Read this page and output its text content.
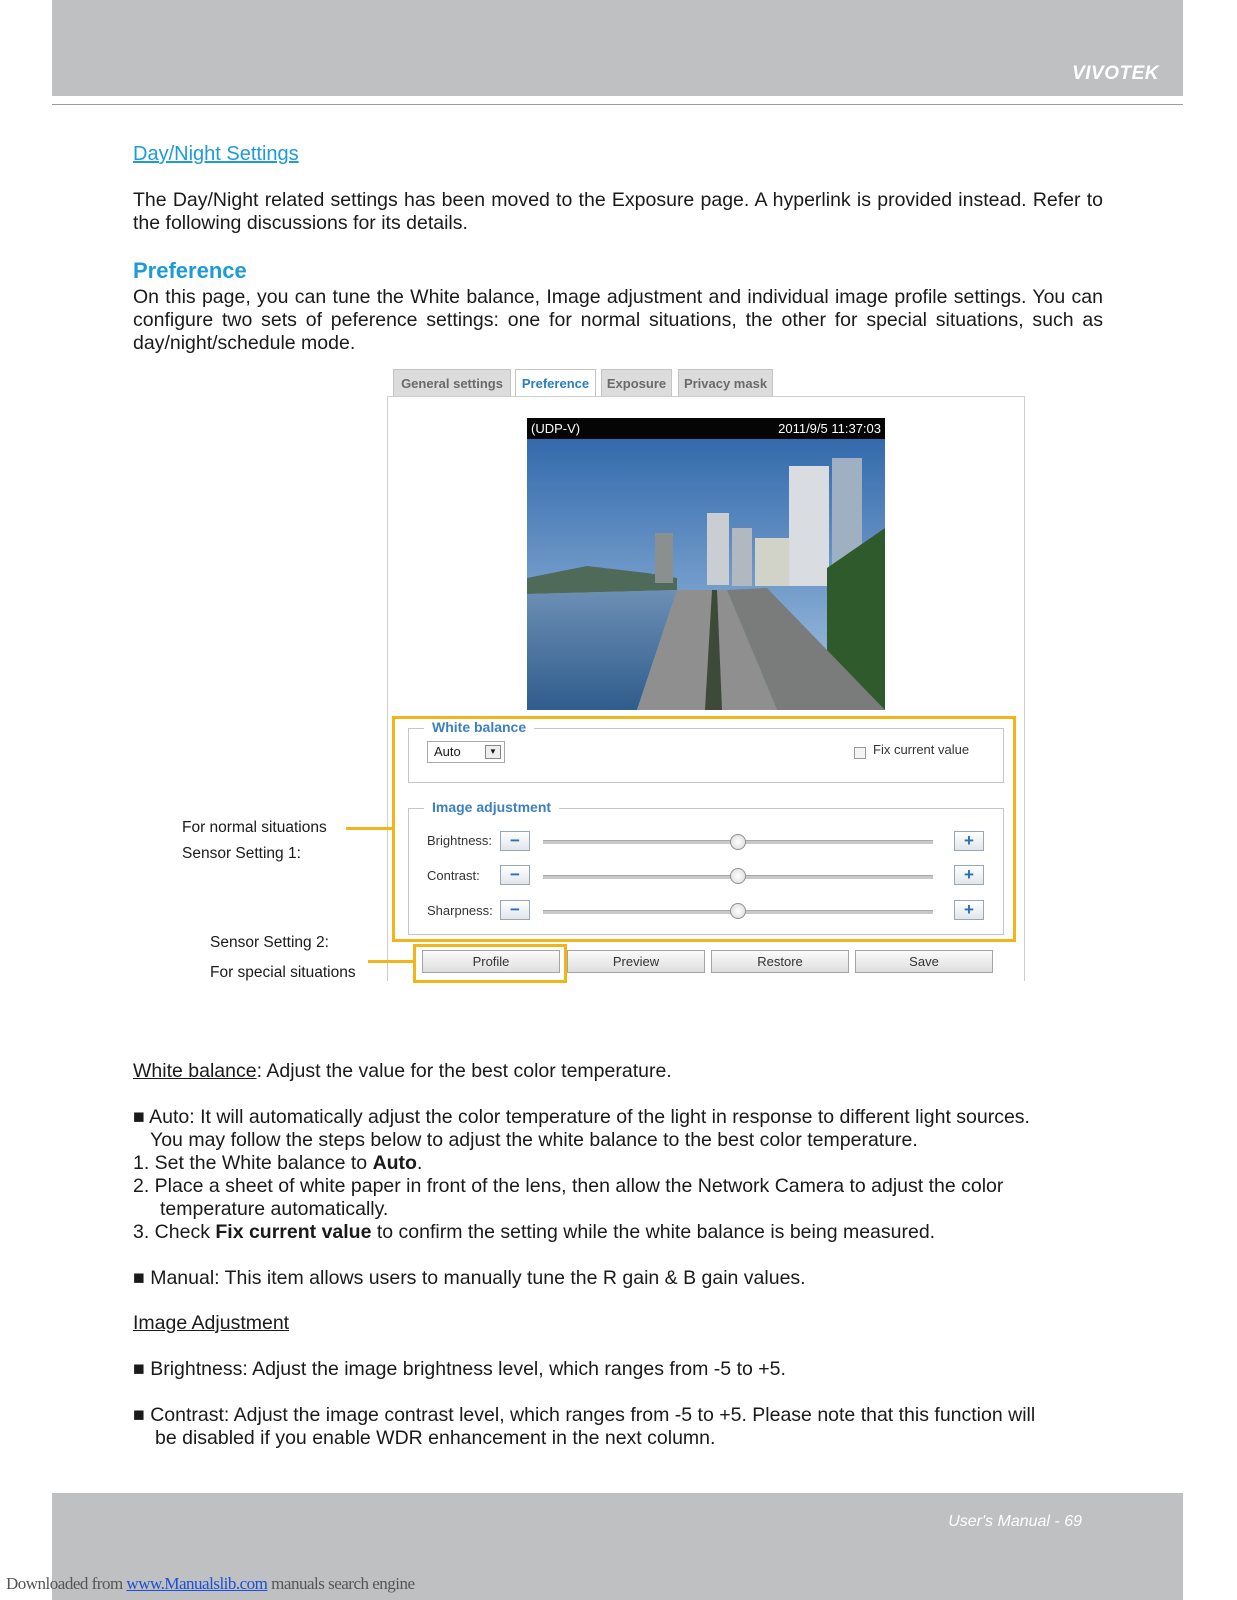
VIVOTEK
Day/Night Settings
The Day/Night related settings has been moved to the Exposure page. A hyperlink is provided instead. Refer to the following discussions for its details.
Preference
On this page, you can tune the White balance, Image adjustment and individual image profile settings. You can configure two sets of peference settings: one for normal situations, the other for special situations, such as day/night/schedule mode.
General settings	Preference	Exposure	Privacy mask
(UDP-V)	2011/9/5 11:37:03
White balance
Auto	▼	Fix current value
Image adjustment
Brightness:	−	+
Contrast:	−	+
Sharpness:	−	+
Profile	Preview	Restore	Save
For normal situations
Sensor Setting 1:
Sensor Setting 2:
For special situations
White balance: Adjust the value for the best color temperature.
■ Auto: It will automatically adjust the color temperature of the light in response to different light sources.
You may follow the steps below to adjust the white balance to the best color temperature.
1. Set the White balance to Auto.
2. Place a sheet of white paper in front of the lens, then allow the Network Camera to adjust the color
temperature automatically.
3. Check Fix current value to confirm the setting while the white balance is being measured.
■ Manual: This item allows users to manually tune the R gain & B gain values.
Image Adjustment
■ Brightness: Adjust the image brightness level, which ranges from -5 to +5.
■ Contrast: Adjust the image contrast level, which ranges from -5 to +5. Please note that this function will
be disabled if you enable WDR enhancement in the next column.
User's Manual - 69
Downloaded from www.Manualslib.com manuals search engine
